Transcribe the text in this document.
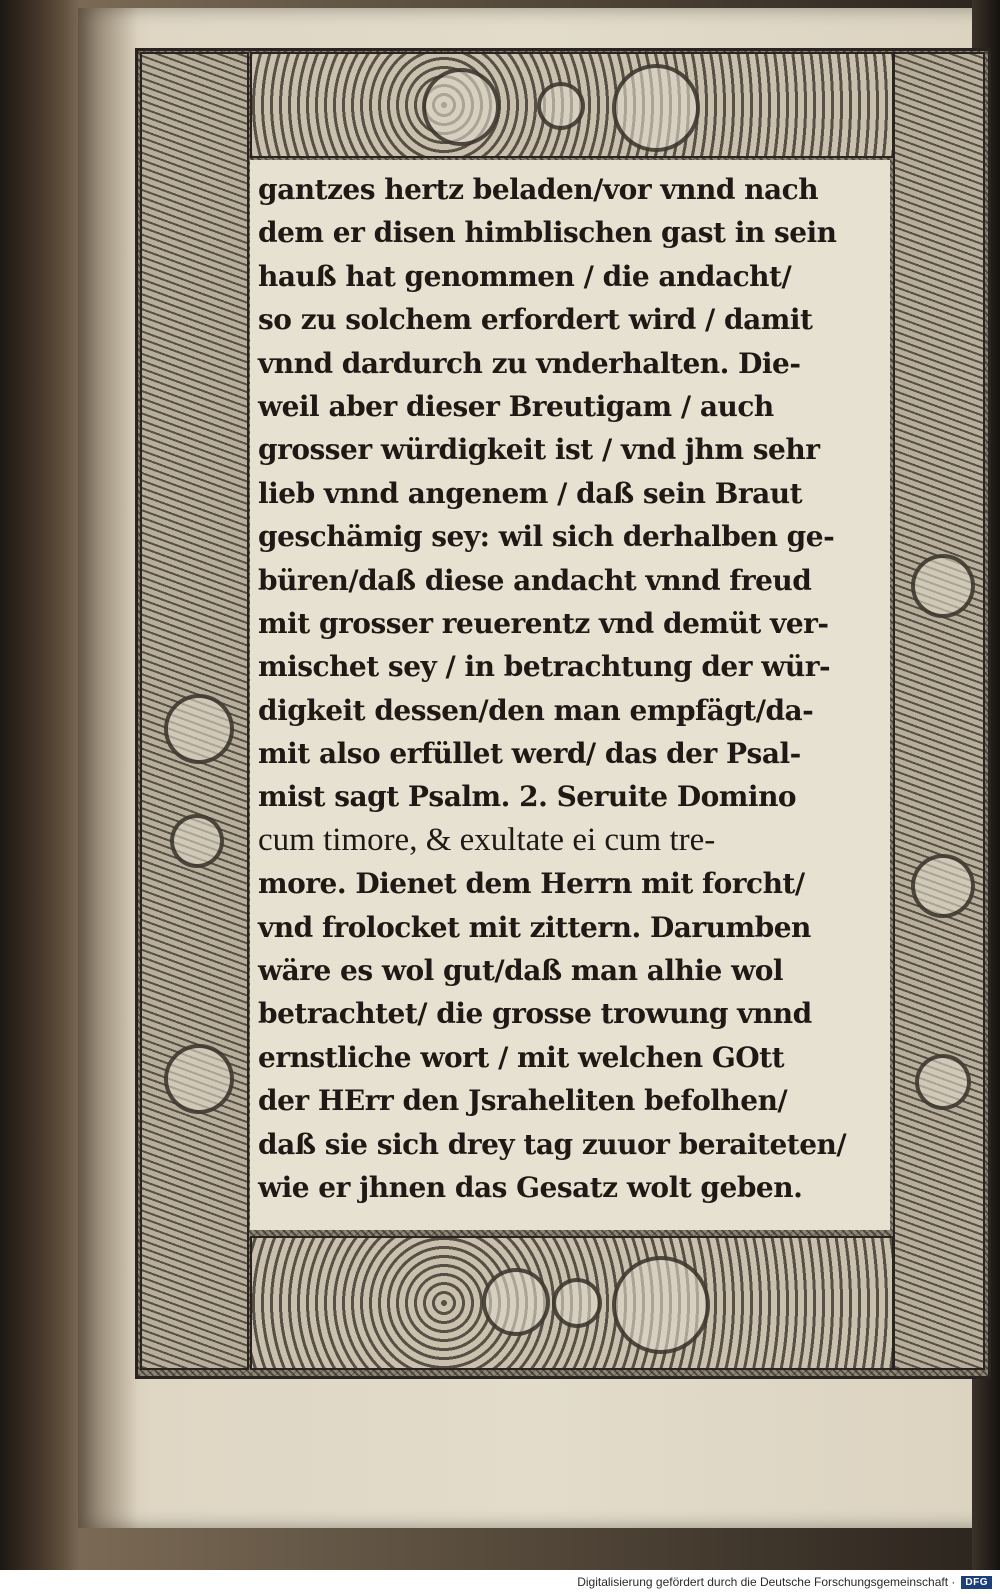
gantzes hertz beladen/vor vnnd nach
dem er disen himblischen gast in sein
hauß hat genommen / die andacht/
so zu solchem erfordert wird / damit
vnnd dardurch zu vnderhalten. Die-
weil aber dieser Breutigam / auch
grosser würdigkeit ist / vnd jhm sehr
lieb vnnd angenem / daß sein Braut
geschämig sey: wil sich derhalben ge-
büren/daß diese andacht vnnd freud
mit grosser reuerentz vnd demüt ver-
mischet sey / in betrachtung der wür-
digkeit dessen/den man empfägt/da-
mit also erfüllet werd/ das der Psal-
mist sagt Psalm. 2. Seruite Domino
cum timore, & exultate ei cum tre-
more. Dienet dem Herrn mit forcht/
vnd frolocket mit zittern. Darumben
wäre es wol gut/daß man alhie wol
betrachtet/ die grosse trowung vnnd
ernstliche wort / mit welchen GOtt
der HErr den Jsraheliten befolhen/
daß sie sich drey tag zuuor beraiteten/
wie er jhnen das Gesatz wolt geben.
Digitalisierung gefördert durch die Deutsche Forschungsgemeinschaft ·	DFG
